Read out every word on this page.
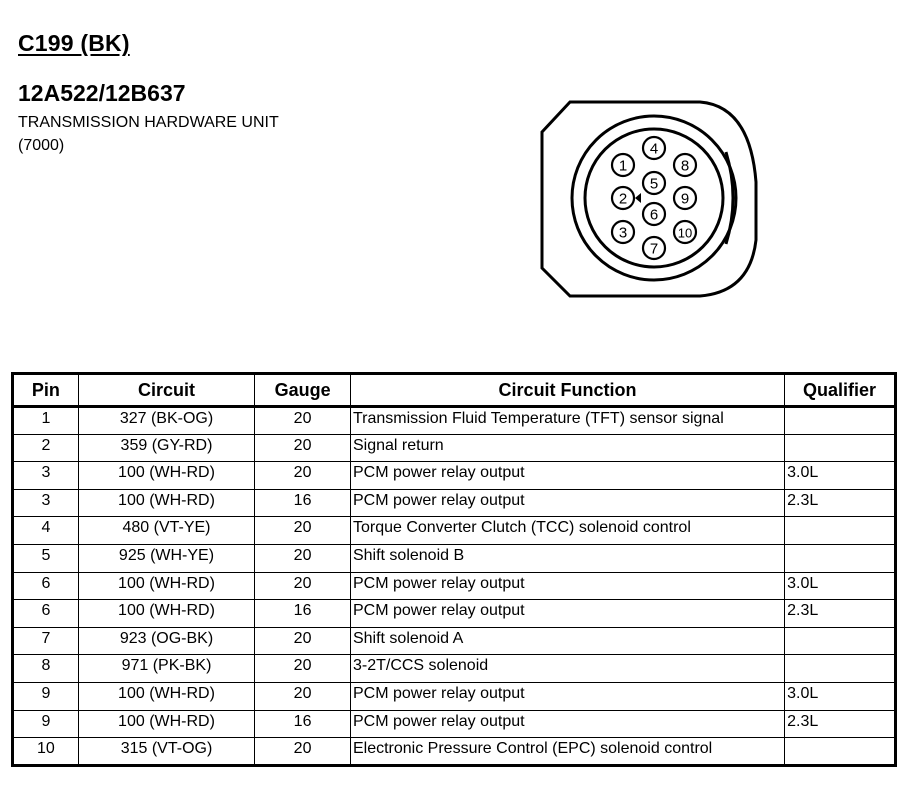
C199 (BK)
12A522/12B637
TRANSMISSION HARDWARE UNIT
(7000)
1
2
3
4
5
6
7
8
9
10
Pin	Circuit	Gauge	Circuit Function	Qualifier
1	327 (BK-OG)	20	Transmission Fluid Temperature (TFT) sensor signal	
2	359 (GY-RD)	20	Signal return	
3	100 (WH-RD)	20	PCM power relay output	3.0L
3	100 (WH-RD)	16	PCM power relay output	2.3L
4	480 (VT-YE)	20	Torque Converter Clutch (TCC) solenoid control	
5	925 (WH-YE)	20	Shift solenoid B	
6	100 (WH-RD)	20	PCM power relay output	3.0L
6	100 (WH-RD)	16	PCM power relay output	2.3L
7	923 (OG-BK)	20	Shift solenoid A	
8	971 (PK-BK)	20	3-2T/CCS solenoid	
9	100 (WH-RD)	20	PCM power relay output	3.0L
9	100 (WH-RD)	16	PCM power relay output	2.3L
10	315 (VT-OG)	20	Electronic Pressure Control (EPC) solenoid control	
